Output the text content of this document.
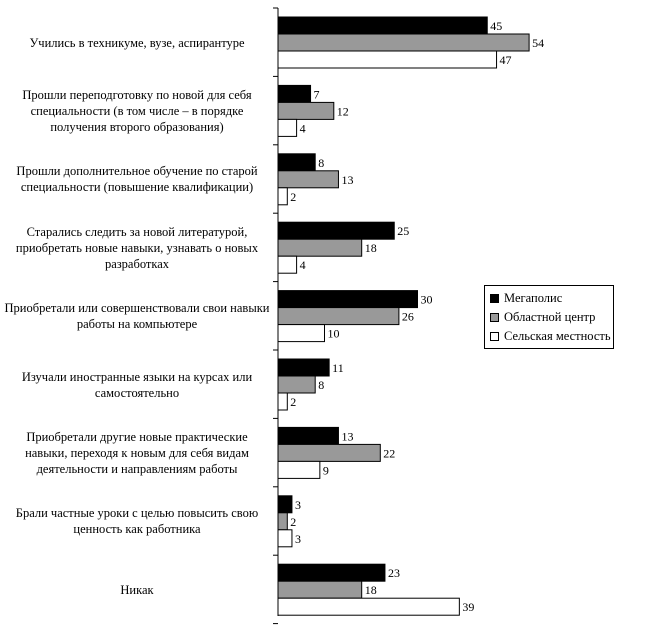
45
54
47
7
12
4
8
13
2
25
18
4
30
26
10
11
8
2
13
22
9
3
2
3
23
18
39
Учились в техникуме, вузе, аспирантуре
Прошли переподготовку по новой для себя специальности (в том числе – в порядке получения второго образования)
Прошли дополнительное обучение по старой специальности (повышение квалификации)
Старались следить за новой литературой, приобретать новые навыки, узнавать о новых разработках
Приобретали или совершенствовали свои навыки работы на компьютере
Изучали иностранные языки на курсах или самостоятельно
Приобретали другие новые практические навыки, переходя к новым для себя видам деятельности и направлениям работы
Брали частные уроки с целью повысить свою ценность как работника
Никак
Мегаполис
Областной центр
Сельская местность
